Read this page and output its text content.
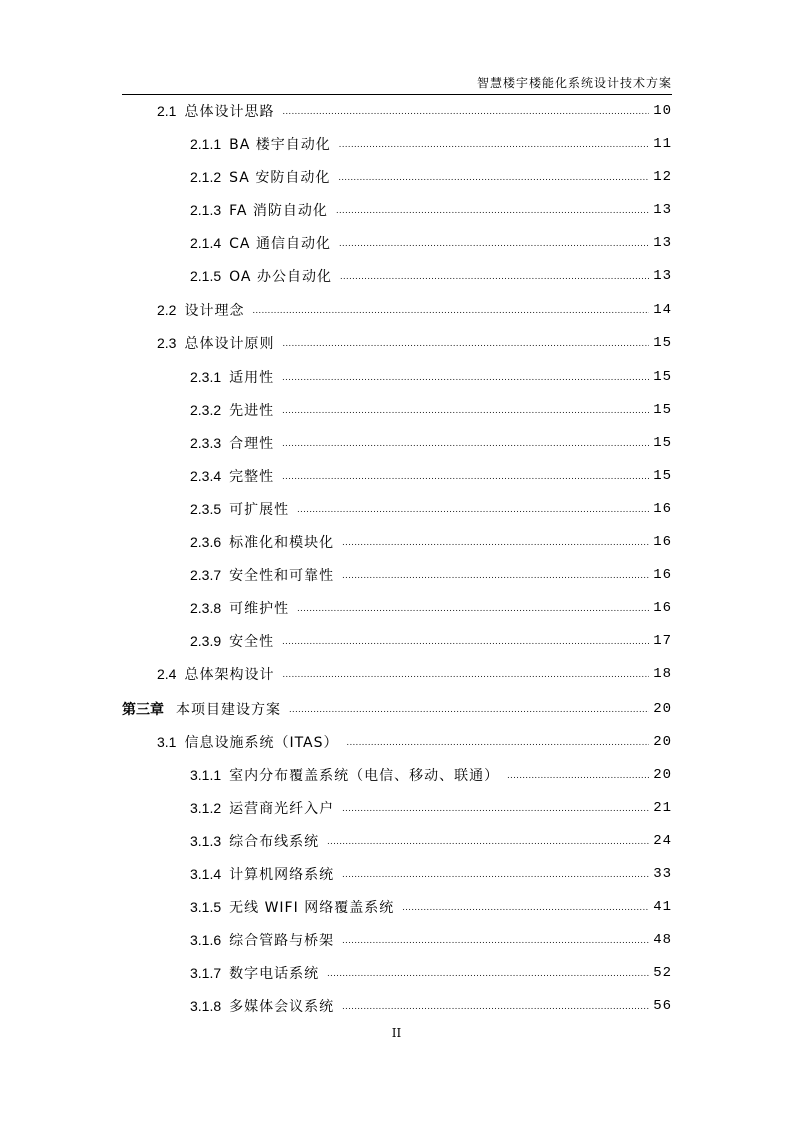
智慧楼宇楼能化系统设计技术方案
2.1 总体设计思路 .....	10
2.1.1 BA 楼宇自动化 .....	11
2.1.2 SA 安防自动化 .....	12
2.1.3 FA 消防自动化 .....	13
2.1.4 CA 通信自动化 .....	13
2.1.5 OA 办公自动化 .....	13
2.2 设计理念 .....	14
2.3 总体设计原则 .....	15
2.3.1 适用性 .....	15
2.3.2 先进性 .....	15
2.3.3 合理性 .....	15
2.3.4 完整性 .....	15
2.3.5 可扩展性 .....	16
2.3.6 标准化和模块化 .....	16
2.3.7 安全性和可靠性 .....	16
2.3.8 可维护性 .....	16
2.3.9 安全性 .....	17
2.4 总体架构设计 .....	18
第三章 本项目建设方案 .....	20
3.1 信息设施系统（ITAS） .....	20
3.1.1 室内分布覆盖系统（电信、移动、联通） .....	20
3.1.2 运营商光纤入户 .....	21
3.1.3 综合布线系统 .....	24
3.1.4 计算机网络系统 .....	33
3.1.5 无线 WIFI 网络覆盖系统 .....	41
3.1.6 综合管路与桥架 .....	48
3.1.7 数字电话系统 .....	52
3.1.8 多媒体会议系统 .....	56
II
